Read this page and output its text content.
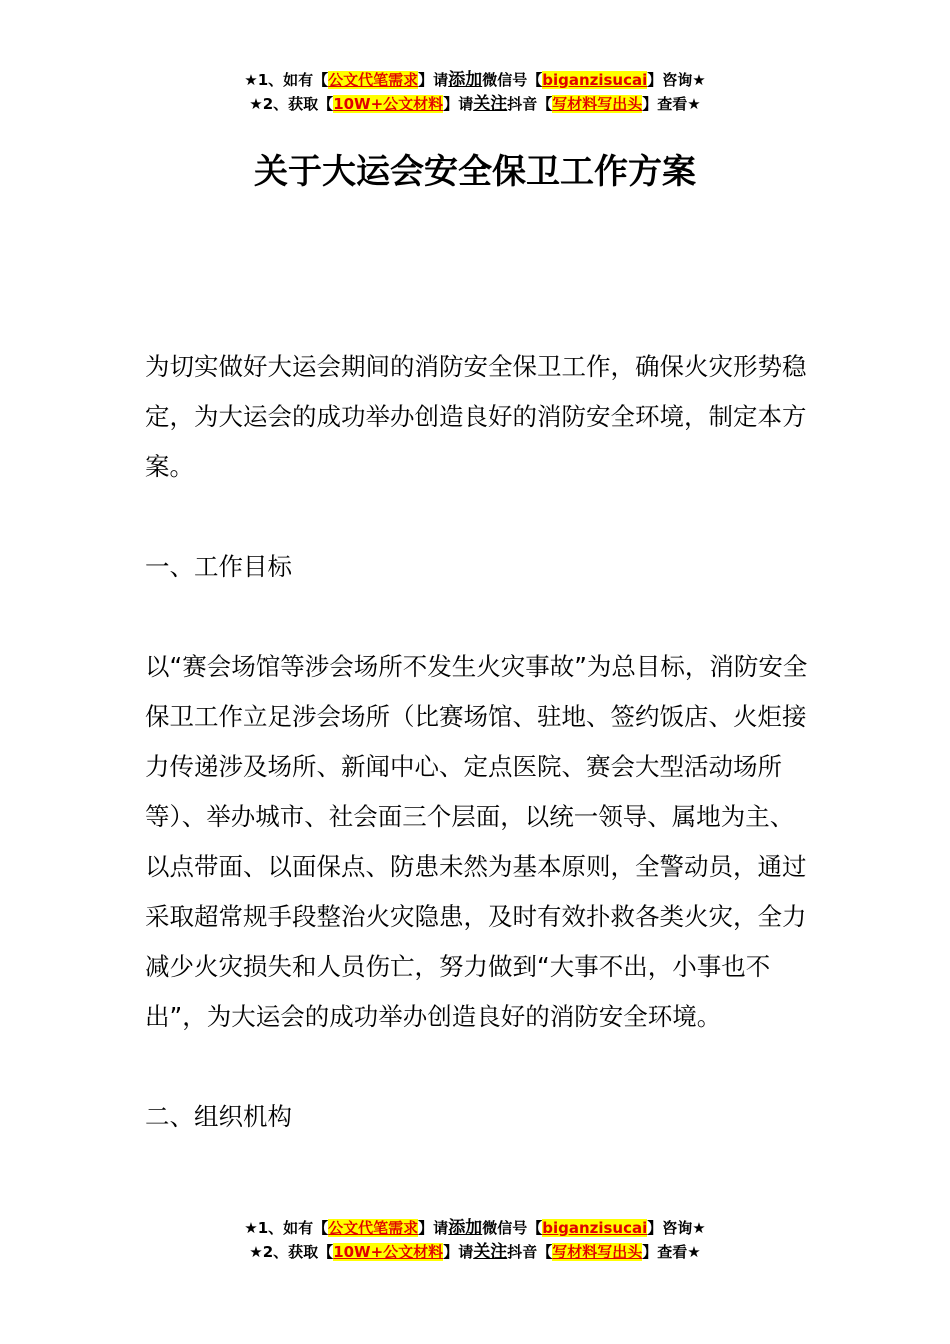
★1、如有【公文代笔需求】请添加微信号【biganzisucai】咨询★
★2、获取【10W+公文材料】请关注抖音【写材料写出头】查看★
关于大运会安全保卫工作方案

为切实做好大运会期间的消防安全保卫工作，确保火灾形势稳定，为大运会的成功举办创造良好的消防安全环境，制定本方案。

一、工作目标

以“赛会场馆等涉会场所不发生火灾事故”为总目标，消防安全保卫工作立足涉会场所（比赛场馆、驻地、签约饭店、火炬接力传递涉及场所、新闻中心、定点医院、赛会大型活动场所等）、举办城市、社会面三个层面，以统一领导、属地为主、以点带面、以面保点、防患未然为基本原则，全警动员，通过采取超常规手段整治火灾隐患，及时有效扑救各类火灾，全力减少火灾损失和人员伤亡，努力做到“大事不出，小事也不出”，为大运会的成功举办创造良好的消防安全环境。

二、组织机构

★1、如有【公文代笔需求】请添加微信号【biganzisucai】咨询★
★2、获取【10W+公文材料】请关注抖音【写材料写出头】查看★
